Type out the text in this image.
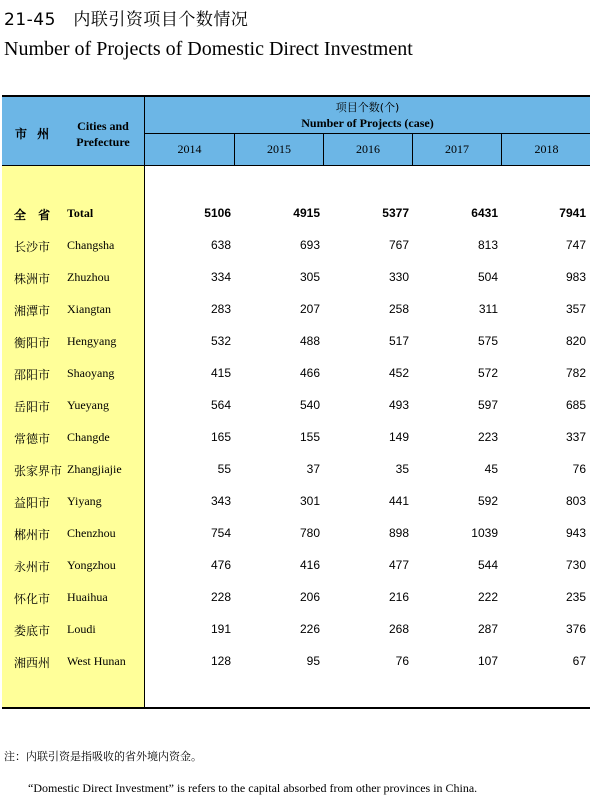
21-45　内联引资项目个数情况
Number of Projects of Domestic Direct Investment
市 州
Cities and
Prefecture
项目个数(个)
Number of Projects (case)
2014	2015	2016	2017	2018
全 省 Total	5106	4915	5377	6431	7941
长沙市 Changsha	638	693	767	813	747
株洲市 Zhuzhou	334	305	330	504	983
湘潭市 Xiangtan	283	207	258	311	357
衡阳市 Hengyang	532	488	517	575	820
邵阳市 Shaoyang	415	466	452	572	782
岳阳市 Yueyang	564	540	493	597	685
常德市 Changde	165	155	149	223	337
张家界市 Zhangjiajie	55	37	35	45	76
益阳市 Yiyang	343	301	441	592	803
郴州市 Chenzhou	754	780	898	1039	943
永州市 Yongzhou	476	416	477	544	730
怀化市 Huaihua	228	206	216	222	235
娄底市 Loudi	191	226	268	287	376
湘西州 West Hunan	128	95	76	107	67
注：内联引资是指吸收的省外境内资金。
“Domestic Direct Investment” is refers to the capital absorbed from other provinces in China.
